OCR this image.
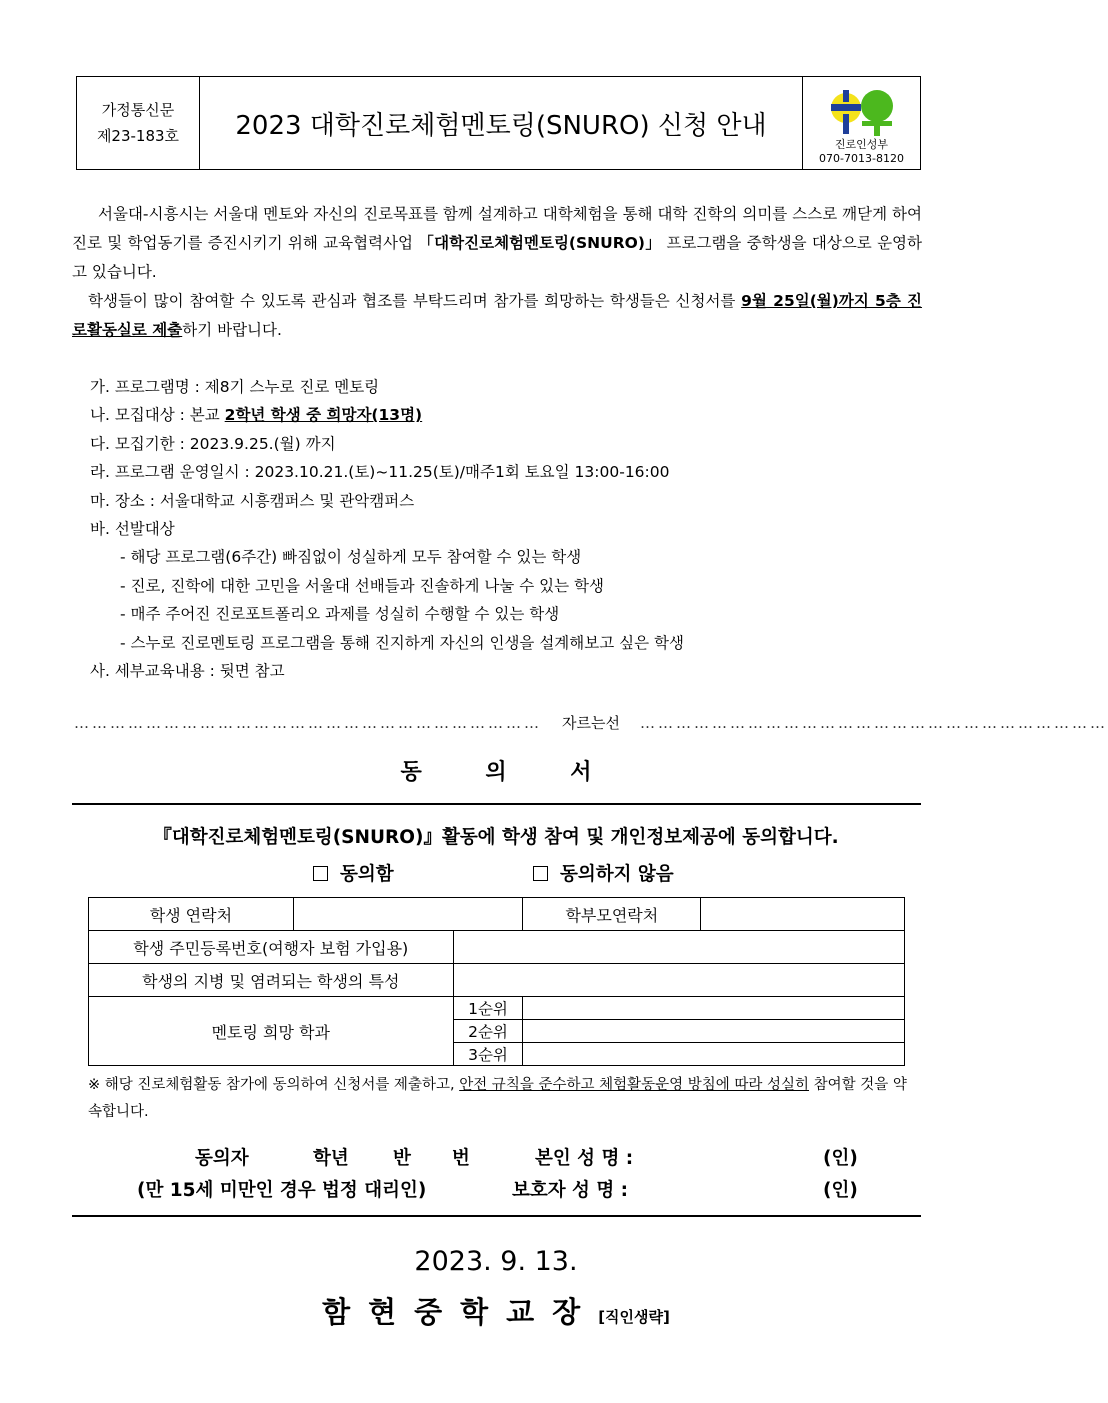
가정통신문
제23-183호	2023 대학진로체험멘토링(SNURO) 신청 안내
진로인성부
070-7013-8120

서울대-시흥시는 서울대 멘토와 자신의 진로목표를 함께 설계하고 대학체험을 통해 대학 진학의 의미를 스스로 깨닫게 하여 진로 및 학업동기를 증진시키기 위해 교육협력사업 「대학진로체험멘토링(SNURO)」 프로그램을 중학생을 대상으로 운영하고 있습니다.

학생들이 많이 참여할 수 있도록 관심과 협조를 부탁드리며 참가를 희망하는 학생들은 신청서를 9월 25일(월)까지 5층 진로활동실로 제출하기 바랍니다.

가. 프로그램명 : 제8기 스누로 진로 멘토링
나. 모집대상 : 본교 2학년 학생 중 희망자(13명)
다. 모집기한 : 2023.9.25.(월) 까지
라. 프로그램 운영일시 : 2023.10.21.(토)~11.25(토)/매주1회 토요일 13:00-16:00
마. 장소 : 서울대학교 시흥캠퍼스 및 관악캠퍼스
바. 선발대상
- 해당 프로그램(6주간) 빠짐없이 성실하게 모두 참여할 수 있는 학생
- 진로, 진학에 대한 고민을 서울대 선배들과 진솔하게 나눌 수 있는 학생
- 매주 주어진 진로포트폴리오 과제를 성실히 수행할 수 있는 학생
- 스누로 진로멘토링 프로그램을 통해 진지하게 자신의 인생을 설계해보고 싶은 학생
사. 세부교육내용 : 뒷면 참고
…………………………………………………………………… 자 르 는 선 ……………………………………………………………………
동 의 서
『대학진로체험멘토링(SNURO)』활동에 학생 참여 및 개인정보제공에 동의합니다.
동의함	동의하지 않음
학생 연락처			학부모연락처	
학생 주민등록번호(여행자 보험 가입용)				
학생의 지병 및 염려되는 학생의 특성				
멘토링 희망 학과		1순위		
		2순위		
		3순위		
※ 해당 진로체험활동 참가에 동의하여 신청서를 제출하고, 안전 규칙을 준수하고 체험활동운영 방침에 따라 성실히 참여할 것을 약속합니다.
동의자	학년 반 번	본인 성 명 :	(인)
(만 15세 미만인 경우 법정 대리인)	보호자 성 명 :	(인)
2023. 9. 13.
함현중학교장[직인생략]
